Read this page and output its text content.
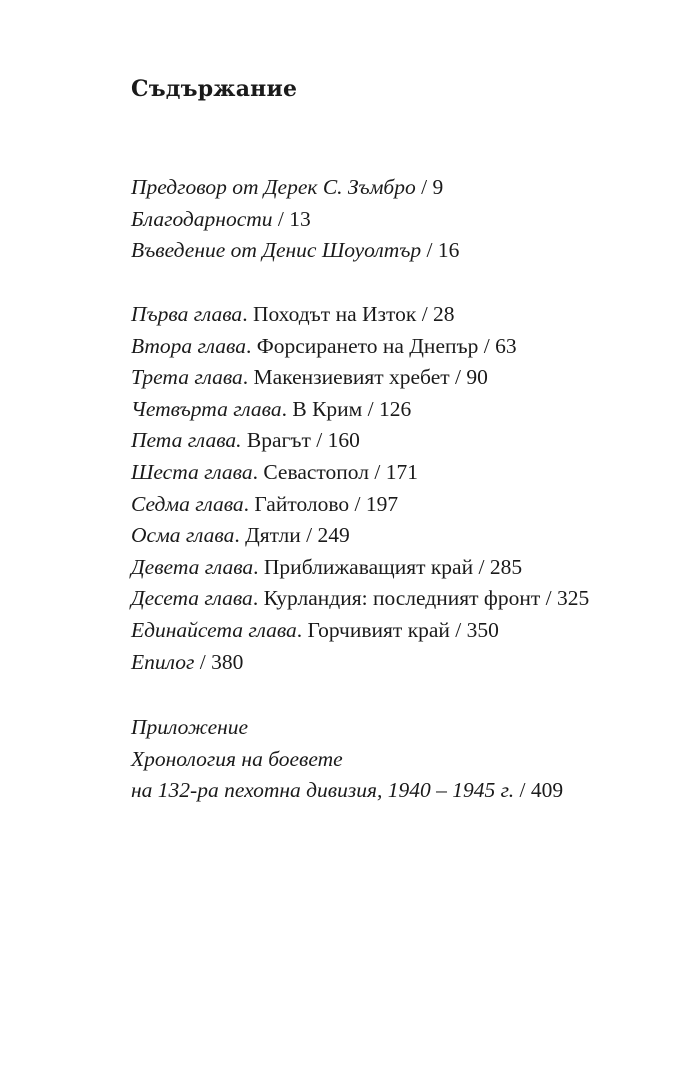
Съдържание
Предговор от Дерек С. Зъмбро / 9
Благодарности / 13
Въведение от Денис Шоуолтър / 16
Първа глава. Походът на Изток / 28
Втора глава. Форсирането на Днепър / 63
Трета глава. Макензиевият хребет / 90
Четвърта глава. В Крим / 126
Пета глава. Врагът / 160
Шеста глава. Севастопол / 171
Седма глава. Гайтолово / 197
Осма глава. Дятли / 249
Девета глава. Приближаващият край / 285
Десета глава. Курландия: последният фронт / 325
Единайсета глава. Горчивият край / 350
Епилог / 380
Приложение
Хронология на боевете
на 132-ра пехотна дивизия, 1940 – 1945 г. / 409
